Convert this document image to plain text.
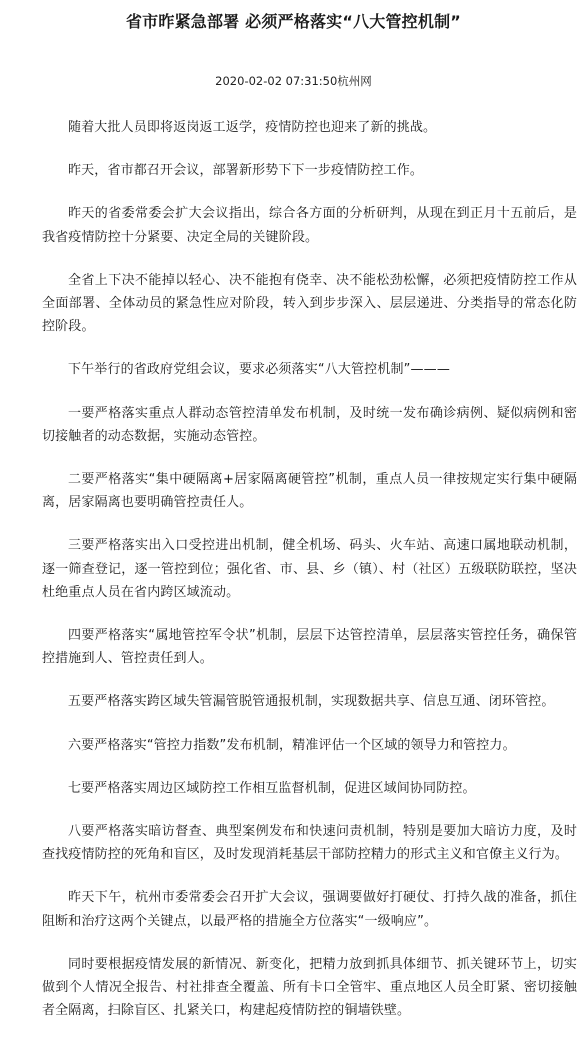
省市昨紧急部署 必须严格落实“八大管控机制”
2020-02-02 07:31:50杭州网

随着大批人员即将返岗返工返学，疫情防控也迎来了新的挑战。

昨天，省市都召开会议，部署新形势下下一步疫情防控工作。

昨天的省委常委会扩大会议指出，综合各方面的分析研判，从现在到正月十五前后，是我省疫情防控十分紧要、决定全局的关键阶段。

全省上下决不能掉以轻心、决不能抱有侥幸、决不能松劲松懈，必须把疫情防控工作从全面部署、全体动员的紧急性应对阶段，转入到步步深入、层层递进、分类指导的常态化防控阶段。

下午举行的省政府党组会议，要求必须落实“八大管控机制”———

一要严格落实重点人群动态管控清单发布机制，及时统一发布确诊病例、疑似病例和密切接触者的动态数据，实施动态管控。

二要严格落实“集中硬隔离+居家隔离硬管控”机制，重点人员一律按规定实行集中硬隔离，居家隔离也要明确管控责任人。

三要严格落实出入口受控进出机制，健全机场、码头、火车站、高速口属地联动机制，逐一筛查登记，逐一管控到位；强化省、市、县、乡（镇）、村（社区）五级联防联控，坚决杜绝重点人员在省内跨区域流动。

四要严格落实“属地管控军令状”机制，层层下达管控清单，层层落实管控任务，确保管控措施到人、管控责任到人。

五要严格落实跨区域失管漏管脱管通报机制，实现数据共享、信息互通、闭环管控。

六要严格落实“管控力指数”发布机制，精准评估一个区域的领导力和管控力。

七要严格落实周边区域防控工作相互监督机制，促进区域间协同防控。

八要严格落实暗访督查、典型案例发布和快速问责机制，特别是要加大暗访力度，及时查找疫情防控的死角和盲区，及时发现消耗基层干部防控精力的形式主义和官僚主义行为。

昨天下午，杭州市委常委会召开扩大会议，强调要做好打硬仗、打持久战的准备，抓住阻断和治疗这两个关键点，以最严格的措施全方位落实“一级响应”。

同时要根据疫情发展的新情况、新变化，把精力放到抓具体细节、抓关键环节上，切实做到个人情况全报告、村社排查全覆盖、所有卡口全管牢、重点地区人员全盯紧、密切接触者全隔离，扫除盲区、扎紧关口，构建起疫情防控的铜墙铁壁。
